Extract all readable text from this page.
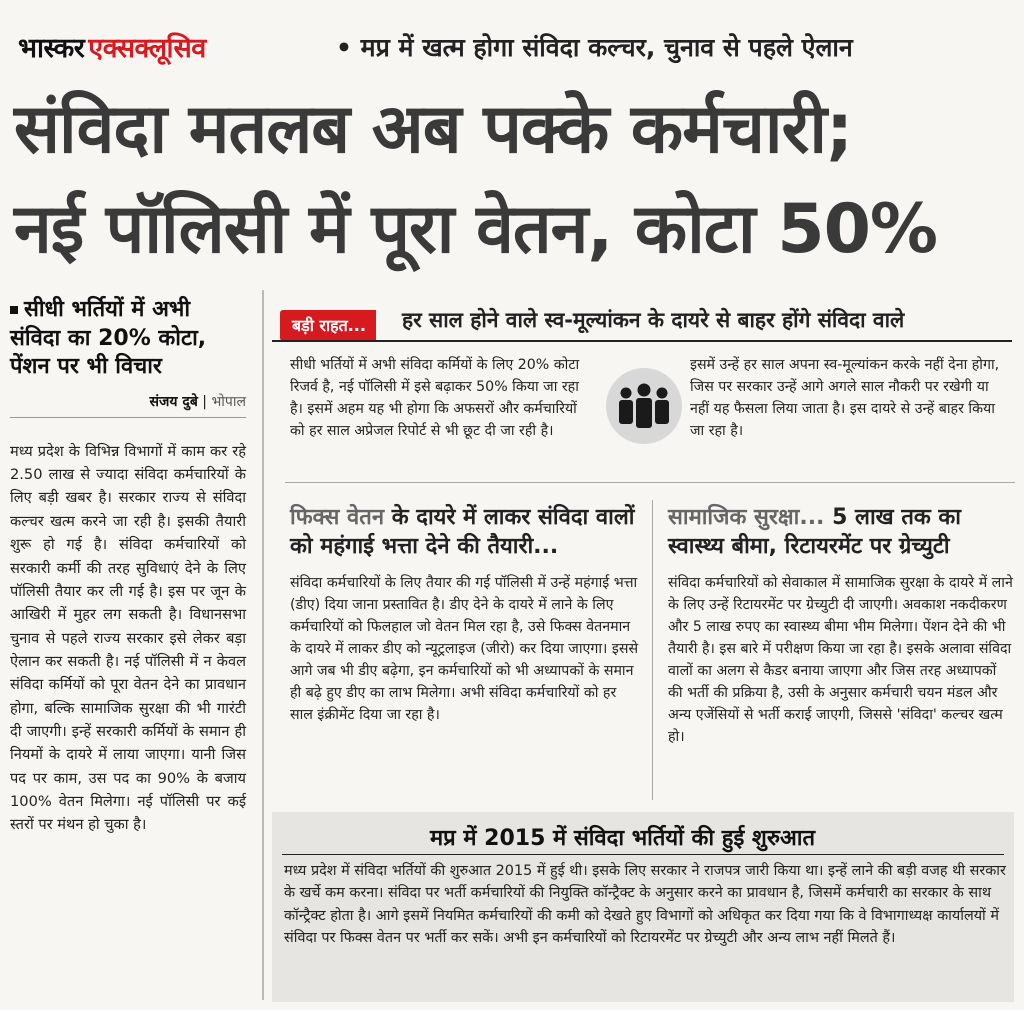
भास्कर एक्सक्लूसिव	• मप्र में खत्म होगा संविदा कल्चर, चुनाव से पहले ऐलान
संविदा मतलब अब पक्के कर्मचारी;
नई पॉलिसी में पूरा वेतन, कोटा 50%
सीधी भर्तियों में अभी संविदा का 20% कोटा, पेंशन पर भी विचार
संजय दुबे | भोपाल
मध्य प्रदेश के विभिन्न विभागों में काम कर रहे 2.50 लाख से ज्यादा संविदा कर्मचारियों के लिए बड़ी खबर है। सरकार राज्य से संविदा कल्चर खत्म करने जा रही है। इसकी तैयारी शुरू हो गई है। संविदा कर्मचारियों को सरकारी कर्मी की तरह सुविधाएं देने के लिए पॉलिसी तैयार कर ली गई है। इस पर जून के आखिरी में मुहर लग सकती है। विधानसभा चुनाव से पहले राज्य सरकार इसे लेकर बड़ा ऐलान कर सकती है। नई पॉलिसी में न केवल संविदा कर्मियों को पूरा वेतन देने का प्रावधान होगा, बल्कि सामाजिक सुरक्षा की भी गारंटी दी जाएगी। इन्हें सरकारी कर्मियों के समान ही नियमों के दायरे में लाया जाएगा। यानी जिस पद पर काम, उस पद का 90% के बजाय 100% वेतन मिलेगा। नई पॉलिसी पर कई स्तरों पर मंथन हो चुका है।
बड़ी राहत...	हर साल होने वाले स्व-मूल्यांकन के दायरे से बाहर होंगे संविदा वाले
सीधी भर्तियों में अभी संविदा कर्मियों के लिए 20% कोटा रिजर्व है, नई पॉलिसी में इसे बढ़ाकर 50% किया जा रहा है। इसमें अहम यह भी होगा कि अफसरों और कर्मचारियों को हर साल अप्रेजल रिपोर्ट से भी छूट दी जा रही है।
इसमें उन्हें हर साल अपना स्व-मूल्यांकन करके नहीं देना होगा, जिस पर सरकार उन्हें आगे अगले साल नौकरी पर रखेगी या नहीं यह फैसला लिया जाता है। इस दायरे से उन्हें बाहर किया जा रहा है।
फिक्स वेतन के दायरे में लाकर संविदा वालों को महंगाई भत्ता देने की तैयारी...
सामाजिक सुरक्षा... 5 लाख तक का स्वास्थ्य बीमा, रिटायरमेंट पर ग्रेच्युटी
संविदा कर्मचारियों के लिए तैयार की गई पॉलिसी में उन्हें महंगाई भत्ता (डीए) दिया जाना प्रस्तावित है। डीए देने के दायरे में लाने के लिए कर्मचारियों को फिलहाल जो वेतन मिल रहा है, उसे फिक्स वेतनमान के दायरे में लाकर डीए को न्यूट्रलाइज (जीरो) कर दिया जाएगा। इससे आगे जब भी डीए बढ़ेगा, इन कर्मचारियों को भी अध्यापकों के समान ही बढ़े हुए डीए का लाभ मिलेगा। अभी संविदा कर्मचारियों को हर साल इंक्रीमेंट दिया जा रहा है।
संविदा कर्मचारियों को सेवाकाल में सामाजिक सुरक्षा के दायरे में लाने के लिए उन्हें रिटायरमेंट पर ग्रेच्युटी दी जाएगी। अवकाश नकदीकरण और 5 लाख रुपए का स्वास्थ्य बीमा भीम मिलेगा। पेंशन देने की भी तैयारी है। इस बारे में परीक्षण किया जा रहा है। इसके अलावा संविदा वालों का अलग से कैडर बनाया जाएगा और जिस तरह अध्यापकों की भर्ती की प्रक्रिया है, उसी के अनुसार कर्मचारी चयन मंडल और अन्य एजेंसियों से भर्ती कराई जाएगी, जिससे 'संविदा' कल्चर खत्म हो।
मप्र में 2015 में संविदा भर्तियों की हुई शुरुआत
मध्य प्रदेश में संविदा भर्तियों की शुरुआत 2015 में हुई थी। इसके लिए सरकार ने राजपत्र जारी किया था। इन्हें लाने की बड़ी वजह थी सरकार के खर्चे कम करना। संविदा पर भर्ती कर्मचारियों की नियुक्ति कॉन्ट्रैक्ट के अनुसार करने का प्रावधान है, जिसमें कर्मचारी का सरकार के साथ कॉन्ट्रैक्ट होता है। आगे इसमें नियमित कर्मचारियों की कमी को देखते हुए विभागों को अधिकृत कर दिया गया कि वे विभागाध्यक्ष कार्यालयों में संविदा पर फिक्स वेतन पर भर्ती कर सकें। अभी इन कर्मचारियों को रिटायरमेंट पर ग्रेच्युटी और अन्य लाभ नहीं मिलते हैं।
